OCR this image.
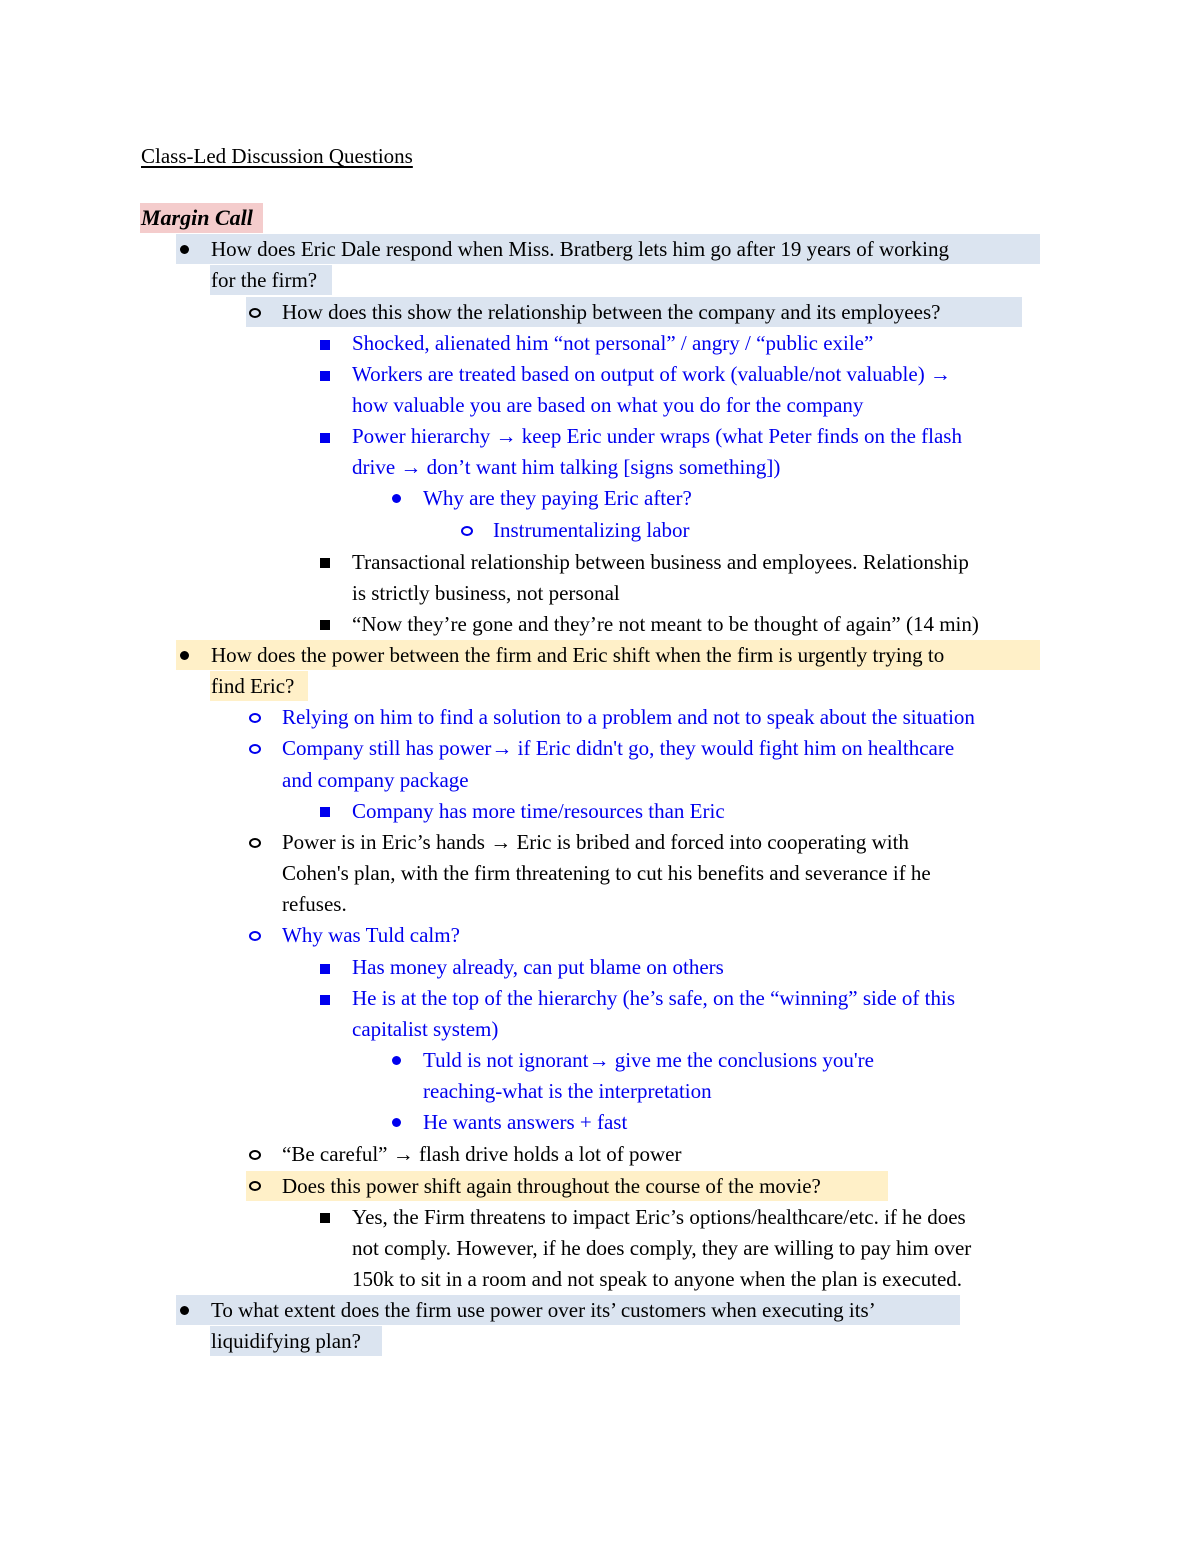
Class-Led Discussion Questions
Margin Call
How does Eric Dale respond when Miss. Bratberg lets him go after 19 years of working
for the firm?
How does this show the relationship between the company and its employees?
Shocked, alienated him “not personal” / angry / “public exile”
Workers are treated based on output of work (valuable/not valuable) →
how valuable you are based on what you do for the company
Power hierarchy → keep Eric under wraps (what Peter finds on the flash
drive → don’t want him talking [signs something])
Why are they paying Eric after?
Instrumentalizing labor
Transactional relationship between business and employees. Relationship
is strictly business, not personal
“Now they’re gone and they’re not meant to be thought of again” (14 min)
How does the power between the firm and Eric shift when the firm is urgently trying to
find Eric?
Relying on him to find a solution to a problem and not to speak about the situation
Company still has power→ if Eric didn't go, they would fight him on healthcare
and company package
Company has more time/resources than Eric
Power is in Eric’s hands → Eric is bribed and forced into cooperating with
Cohen's plan, with the firm threatening to cut his benefits and severance if he
refuses.
Why was Tuld calm?
Has money already, can put blame on others
He is at the top of the hierarchy (he’s safe, on the “winning” side of this
capitalist system)
Tuld is not ignorant→ give me the conclusions you're
reaching-what is the interpretation
He wants answers + fast
“Be careful” → flash drive holds a lot of power
Does this power shift again throughout the course of the movie?
Yes, the Firm threatens to impact Eric’s options/healthcare/etc. if he does
not comply. However, if he does comply, they are willing to pay him over
150k to sit in a room and not speak to anyone when the plan is executed.
To what extent does the firm use power over its’ customers when executing its’
liquidifying plan?
